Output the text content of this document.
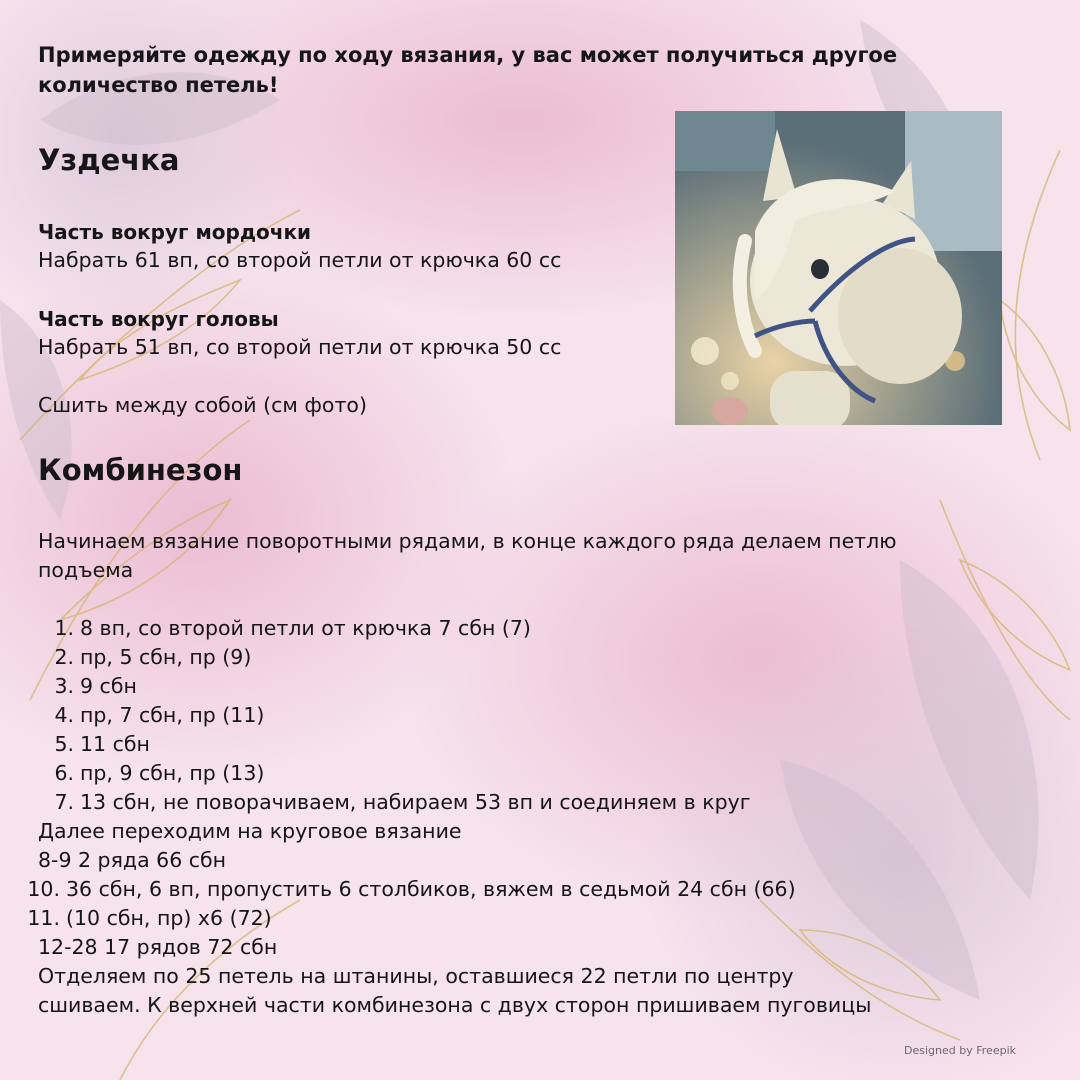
Примеряйте одежду по ходу вязания, у вас может получиться другое количество петель!

Уздечка

Часть вокруг мордочки

Набрать 61 вп, со второй петли от крючка 60 сс

Часть вокруг головы

Набрать 51 вп, со второй петли от крючка 50 сс

Сшить между собой (см фото)

Комбинезон

Начинаем вязание поворотными рядами, в конце каждого ряда делаем петлю подъема

1. 8 вп, со второй петли от крючка 7 сбн (7)
2. пр, 5 сбн, пр (9)
3. 9 сбн
4. пр, 7 сбн, пр (11)
5. 11 сбн
6. пр, 9 сбн, пр (13)
7. 13 сбн, не поворачиваем, набираем 53 вп и соединяем в круг
Далее переходим на круговое вязание
8-9 2 ряда 66 сбн
10. 36 сбн, 6 вп, пропустить 6 столбиков, вяжем в седьмой 24 сбн (66)
11. (10 сбн, пр) х6 (72)
12-28 17 рядов 72 сбн
Отделяем по 25 петель на штанины, оставшиеся 22 петли по центру
сшиваем. К верхней части комбинезона с двух сторон пришиваем пуговицы
Designed by Freepik
